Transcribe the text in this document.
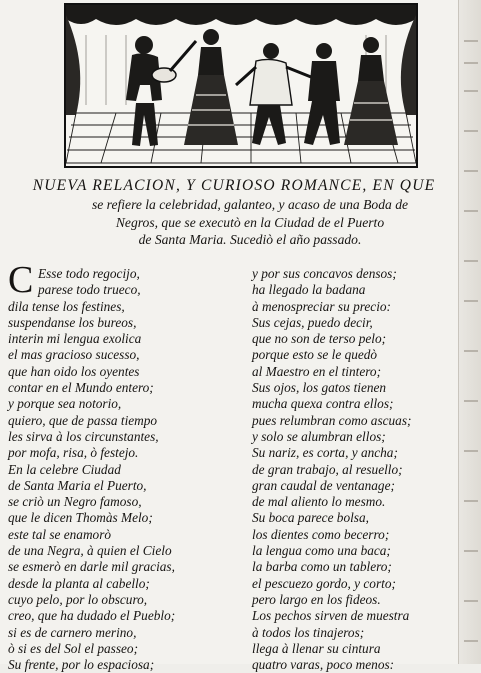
NUEVA RELACION, Y CURIOSO ROMANCE, EN QUE
se refiere la celebridad, galanteo, y acaso de una Boda de
Negros, que se executò en la Ciudad de el Puerto
de Santa Maria. Sucediò el año passado.
C Esse todo regocijo,
parese todo trueco,
dila tense los festines,
suspendanse los bureos,
interin mi lengua exolica
el mas gracioso sucesso,
que han oido los oyentes
contar en el Mundo entero;
y porque sea notorio,
quiero, que de passa tiempo
les sirva à los circunstantes,
por mofa, risa, ò festejo.
En la celebre Ciudad
de Santa Maria el Puerto,
se criò un Negro famoso,
que le dicen Thomàs Melo;
este tal se enamorò
de una Negra, à quien el Cielo
se esmerò en darle mil gracias,
desde la planta al cabello;
cuyo pelo, por lo obscuro,
creo, que ha dudado el Pueblo;
si es de carnero merino,
ò si es del Sol el passeo;
Su frente, por lo espaciosa;
y por sus concavos densos;
ha llegado la badana
à menospreciar su precio:
Sus cejas, puedo decir,
que no son de terso pelo;
porque esto se le quedò
al Maestro en el tintero;
Sus ojos, los gatos tienen
mucha quexa contra ellos;
pues relumbran como ascuas;
y solo se alumbran ellos;
Su nariz, es corta, y ancha;
de gran trabajo, al resuello;
gran caudal de ventanage;
de mal aliento lo mesmo.
Su boca parece bolsa,
los dientes como becerro;
la lengua como una baca;
la barba como un tablero;
el pescuezo gordo, y corto;
pero largo en los fideos.
Los pechos sirven de muestra
à todos los tinajeros;
llega à llenar su cintura
quatro varas, poco menos:
